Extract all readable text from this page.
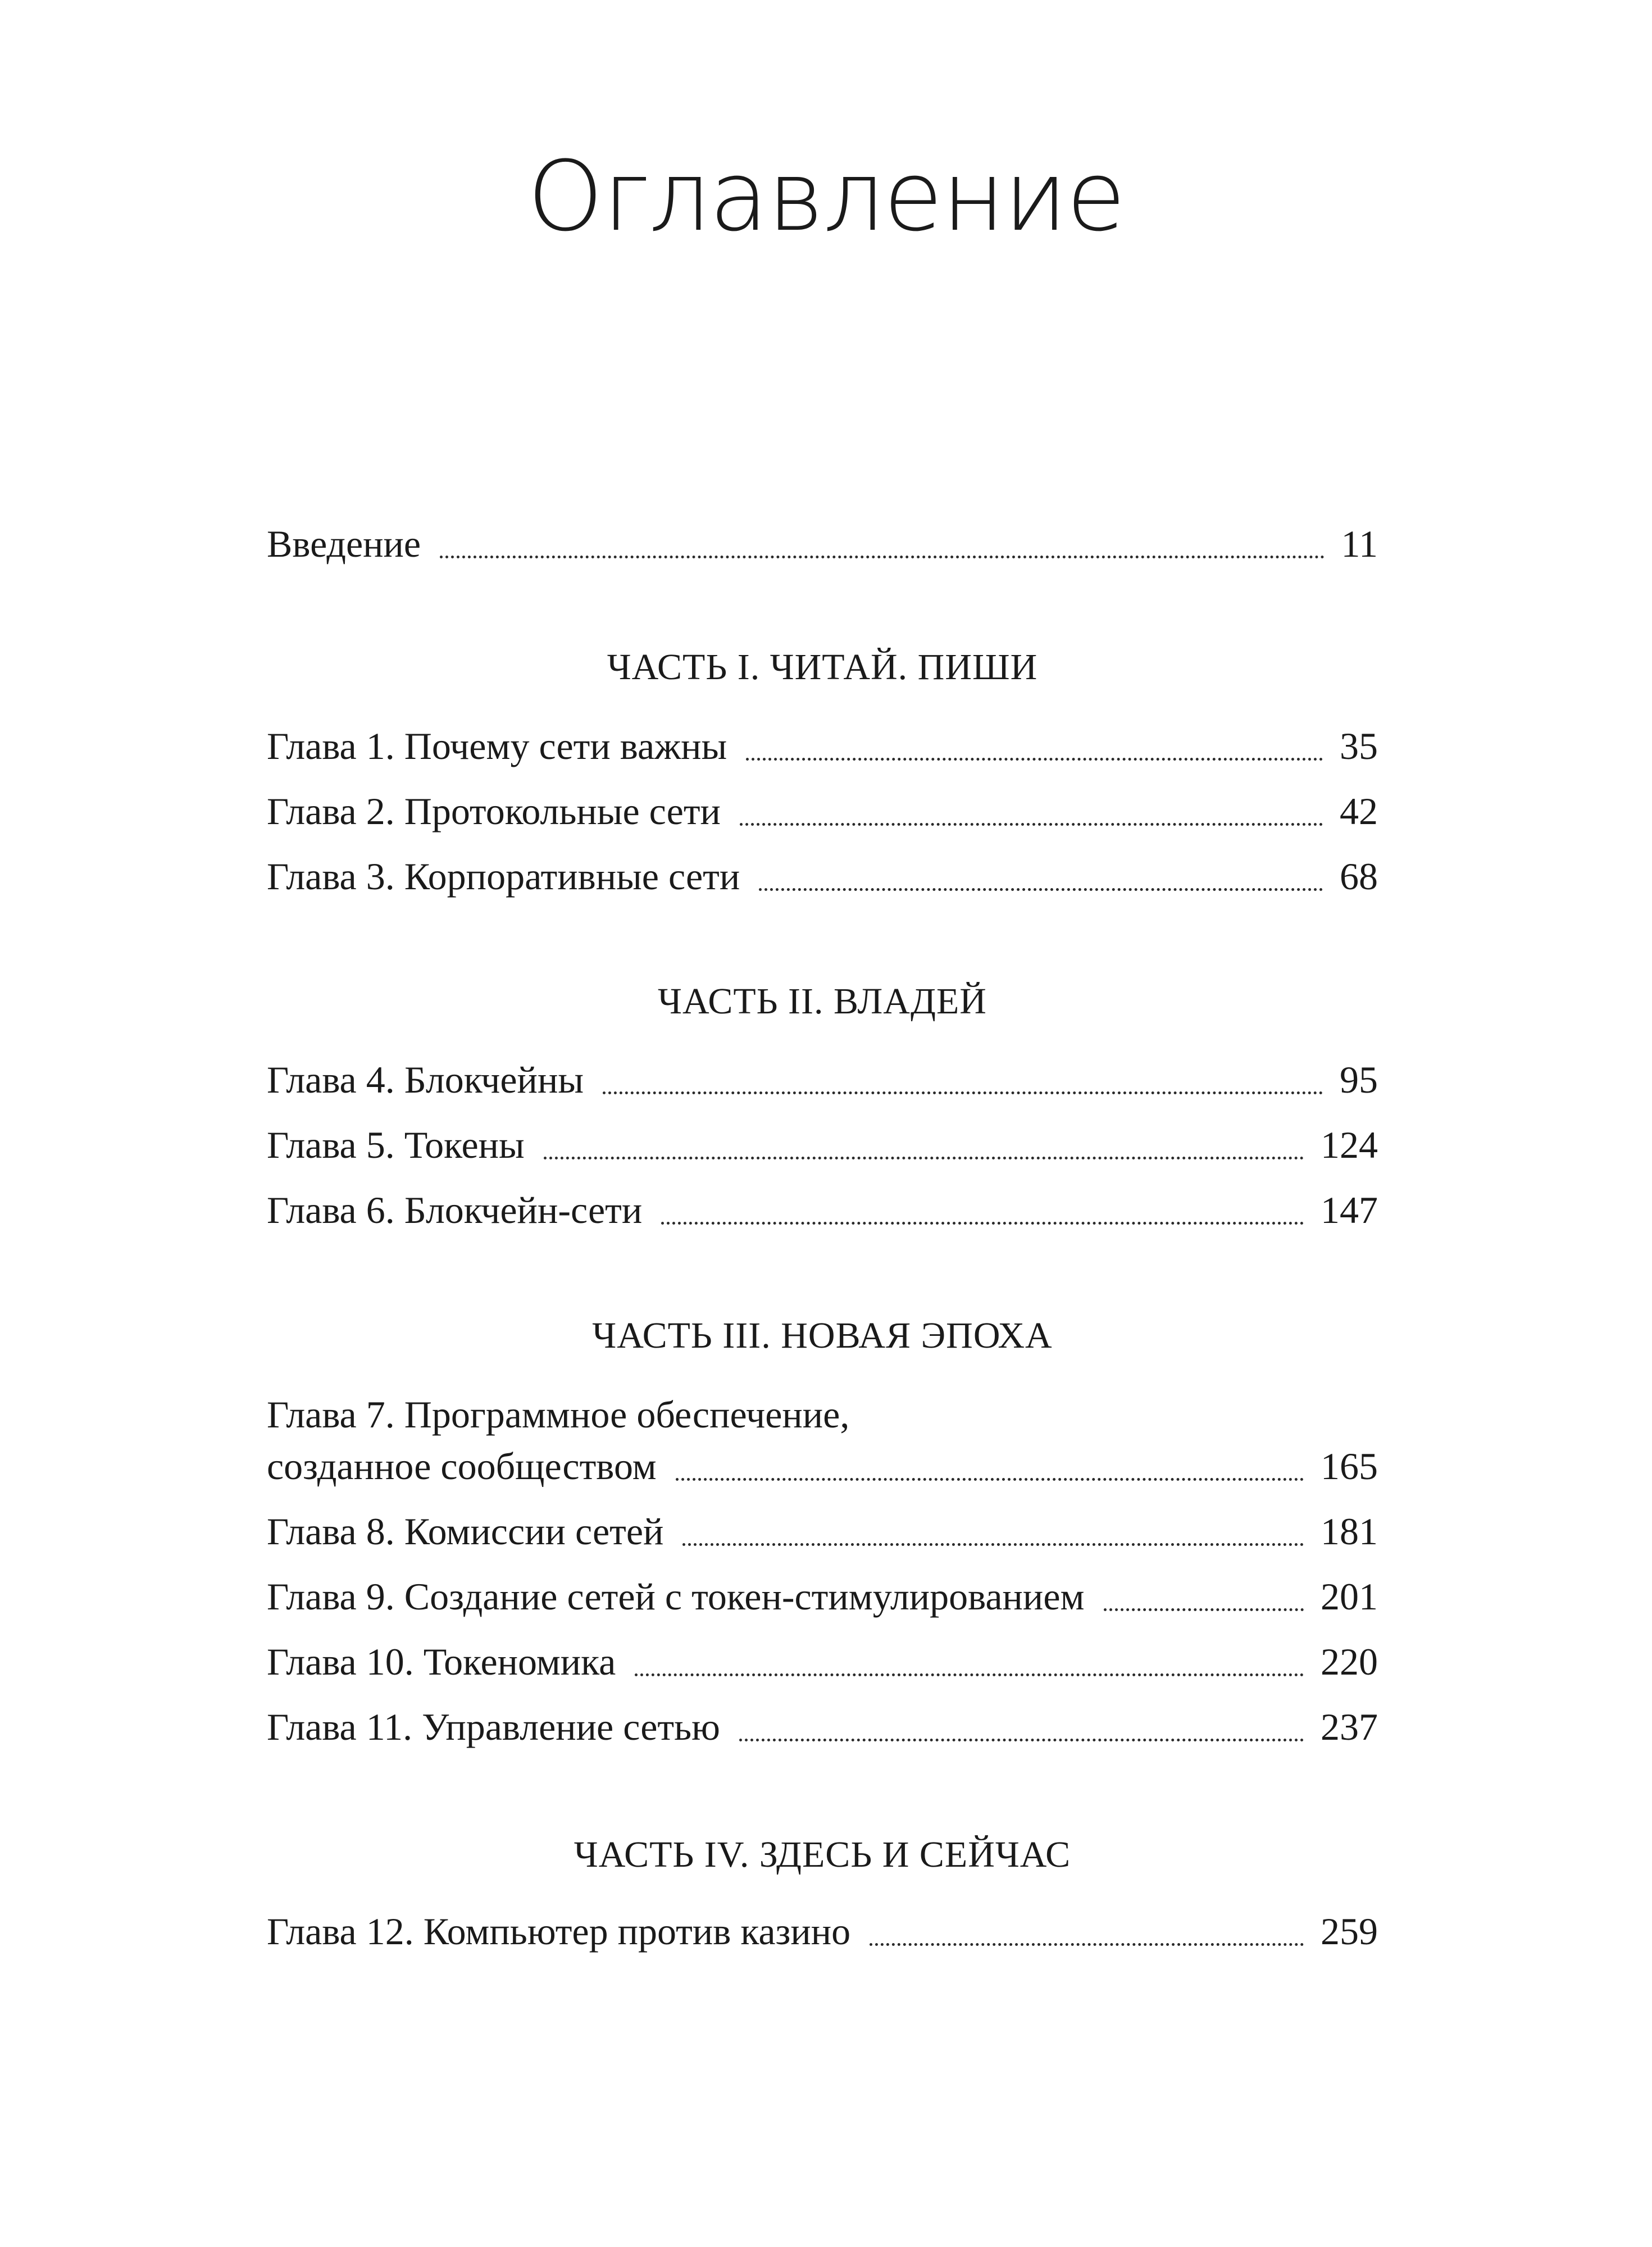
Оглавление
Введение	11
ЧАСТЬ I. ЧИТАЙ. ПИШИ
Глава 1. Почему сети важны	35
Глава 2. Протокольные сети	42
Глава 3. Корпоративные сети	68
ЧАСТЬ II. ВЛАДЕЙ
Глава 4. Блокчейны	95
Глава 5. Токены	124
Глава 6. Блокчейн-сети	147
ЧАСТЬ III. НОВАЯ ЭПОХА
Глава 7. Программное обеспечение,
созданное сообществом	165
Глава 8. Комиссии сетей	181
Глава 9. Создание сетей с токен-стимулированием	201
Глава 10. Токеномика	220
Глава 11. Управление сетью	237
ЧАСТЬ IV. ЗДЕСЬ И СЕЙЧАС
Глава 12. Компьютер против казино	259
